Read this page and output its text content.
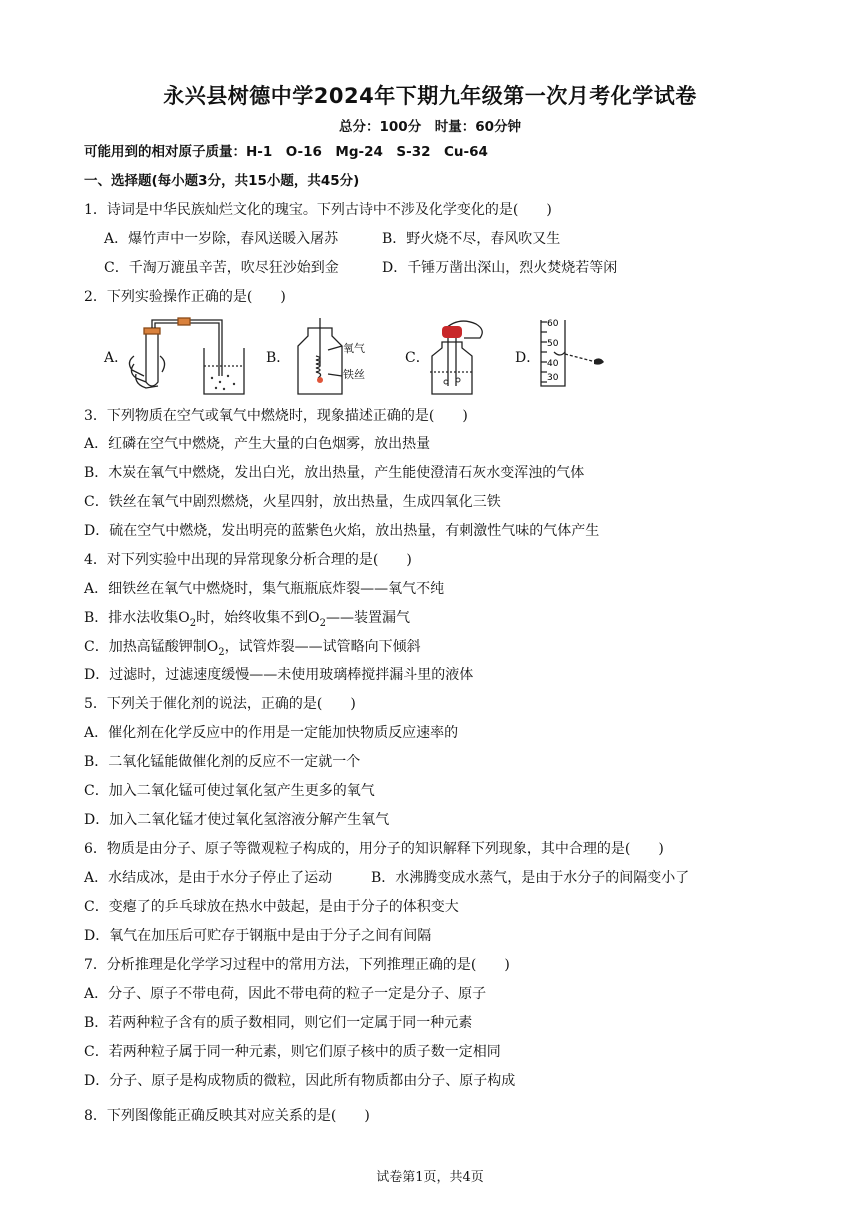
永兴县树德中学2024年下期九年级第一次月考化学试卷
总分：100分　时量：60分钟
可能用到的相对原子质量：H-1　O-16　Mg-24　S-32　Cu-64
一、选择题(每小题3分，共15小题，共45分)
1．诗词是中华民族灿烂文化的瑰宝。下列古诗中不涉及化学变化的是(　　)
A．爆竹声中一岁除，春风送暖入屠苏	B．野火烧不尽，春风吹又生
C．千淘万漉虽辛苦，吹尽狂沙始到金	D．千锤万凿出深山，烈火焚烧若等闲
2．下列实验操作正确的是(　　)
A．	B．
氧气
铁丝
C．	D．
60
50
40
30
3．下列物质在空气或氧气中燃烧时，现象描述正确的是(　　)
A．红磷在空气中燃烧，产生大量的白色烟雾，放出热量
B．木炭在氧气中燃烧，发出白光，放出热量，产生能使澄清石灰水变浑浊的气体
C．铁丝在氧气中剧烈燃烧，火星四射，放出热量，生成四氧化三铁
D．硫在空气中燃烧，发出明亮的蓝紫色火焰，放出热量，有刺激性气味的气体产生
4．对下列实验中出现的异常现象分析合理的是(　　)
A．细铁丝在氧气中燃烧时，集气瓶瓶底炸裂——氧气不纯
B．排水法收集$O_2$时，始终收集不到$O_2——$装置漏气
C．加热高锰酸钾制$O_2$，试管炸裂——试管略向下倾斜
D．过滤时，过滤速度缓慢——未使用玻璃棒搅拌漏斗里的液体
5．下列关于催化剂的说法，正确的是(　　)
A．催化剂在化学反应中的作用是一定能加快物质反应速率的
B．二氧化锰能做催化剂的反应不一定就一个
C．加入二氧化锰可使过氧化氢产生更多的氧气
D．加入二氧化锰才使过氧化氢溶液分解产生氧气
6．物质是由分子、原子等微观粒子构成的，用分子的知识解释下列现象，其中合理的是(　　)
A．水结成冰，是由于水分子停止了运动	B．水沸腾变成水蒸气，是由于水分子的间隔变小了
C．变瘪了的乒乓球放在热水中鼓起，是由于分子的体积变大
D．氧气在加压后可贮存于钢瓶中是由于分子之间有间隔
7．分析推理是化学学习过程中的常用方法，下列推理正确的是(　　)
A．分子、原子不带电荷，因此不带电荷的粒子一定是分子、原子
B．若两种粒子含有的质子数相同，则它们一定属于同一种元素
C．若两种粒子属于同一种元素，则它们原子核中的质子数一定相同
D．分子、原子是构成物质的微粒，因此所有物质都由分子、原子构成
8．下列图像能正确反映其对应关系的是(　　)
试卷第1页，共4页
